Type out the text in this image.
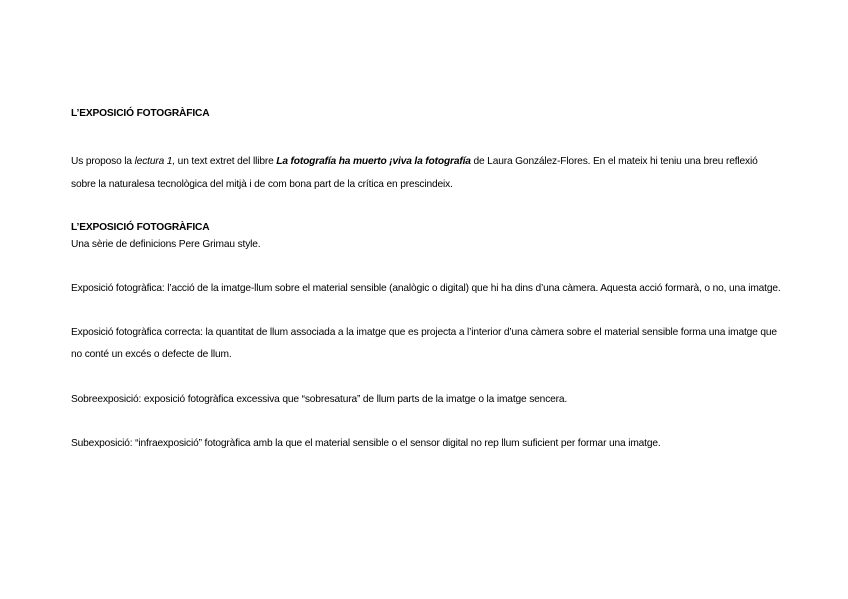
L’EXPOSICIÓ FOTOGRÀFICA
Us proposo la lectura 1, un text extret del llibre La fotografía ha muerto ¡viva la fotografía de Laura González-Flores. En el mateix hi teniu una breu reflexió sobre la naturalesa tecnològica del mitjà i de com bona part de la crítica en prescindeix.
L’EXPOSICIÓ FOTOGRÀFICA
Una sèrie de definicions Pere Grimau style.
Exposició fotogràfica: l’acció de la imatge-llum sobre el material sensible (analògic o digital) que hi ha dins d’una càmera. Aquesta acció formarà, o no, una imatge.
Exposició fotogràfica correcta: la quantitat de llum associada a la imatge que es projecta a l’interior d’una càmera sobre el material sensible forma una imatge que no conté un excés o defecte de llum.
Sobreexposició: exposició fotogràfica excessiva que “sobresatura” de llum parts de la imatge o la imatge sencera.
Subexposició: “infraexposició” fotogràfica amb la que el material sensible o el sensor digital no rep llum suficient per formar una imatge.
